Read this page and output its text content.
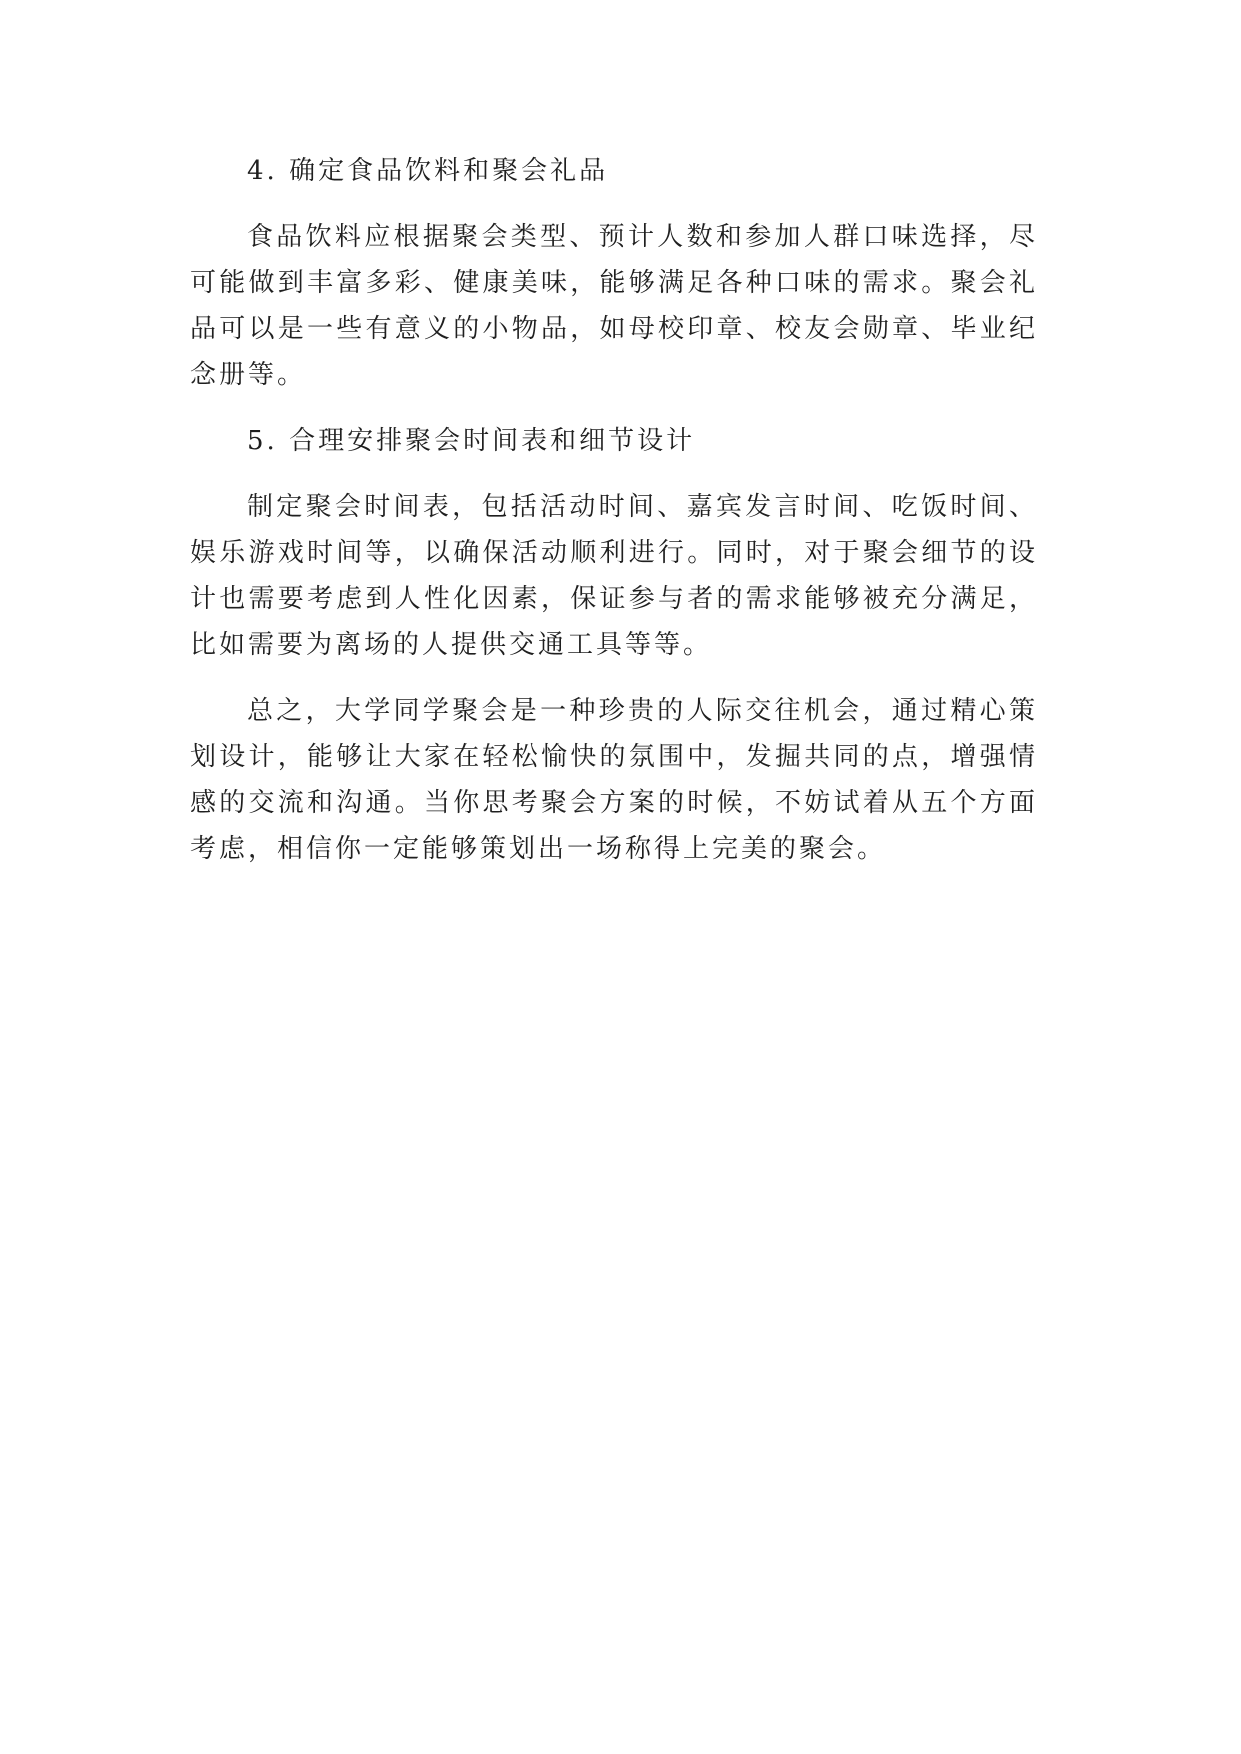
4. 确定食品饮料和聚会礼品
食品饮料应根据聚会类型、预计人数和参加人群口味选择，尽
可能做到丰富多彩、健康美味，能够满足各种口味的需求。聚会礼
品可以是一些有意义的小物品，如母校印章、校友会勋章、毕业纪
念册等。
5. 合理安排聚会时间表和细节设计
制定聚会时间表，包括活动时间、嘉宾发言时间、吃饭时间、
娱乐游戏时间等，以确保活动顺利进行。同时，对于聚会细节的设
计也需要考虑到人性化因素，保证参与者的需求能够被充分满足，
比如需要为离场的人提供交通工具等等。
总之，大学同学聚会是一种珍贵的人际交往机会，通过精心策
划设计，能够让大家在轻松愉快的氛围中，发掘共同的点，增强情
感的交流和沟通。当你思考聚会方案的时候，不妨试着从五个方面
考虑，相信你一定能够策划出一场称得上完美的聚会。
